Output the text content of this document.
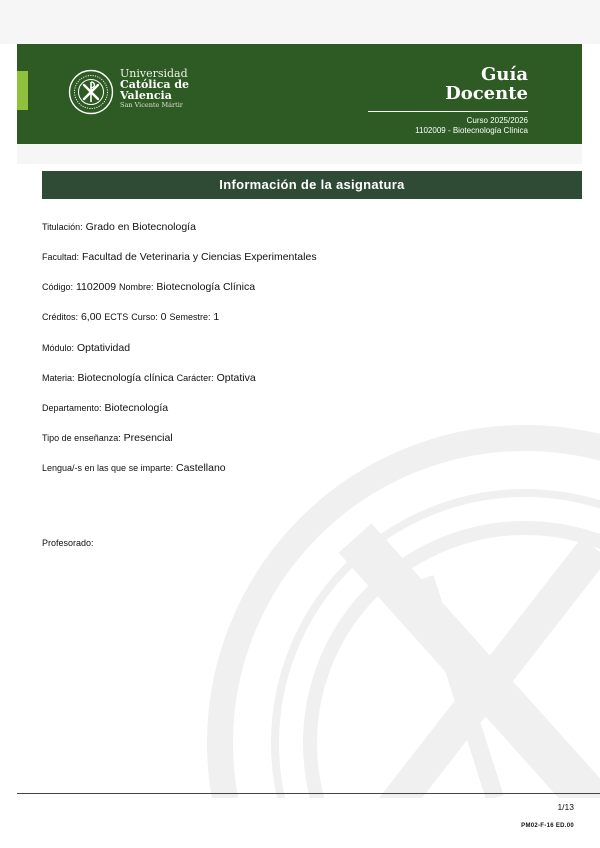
Universidad
Católica de
Valencia
San Vicente Mártir
Guía
Docente
Curso 2025/2026
1102009 - Biotecnología Clínica
Información de la asignatura
Titulación: Grado en Biotecnología
Facultad: Facultad de Veterinaria y Ciencias Experimentales
Código: 1102009 Nombre: Biotecnología Clínica
Créditos: 6,00 ECTS Curso: 0 Semestre: 1
Módulo: Optatividad
Materia: Biotecnología clínica Carácter: Optativa
Departamento: Biotecnología
Tipo de enseñanza: Presencial
Lengua/-s en las que se imparte: Castellano
Profesorado:
1/13
PM02-F-16 ED.00
